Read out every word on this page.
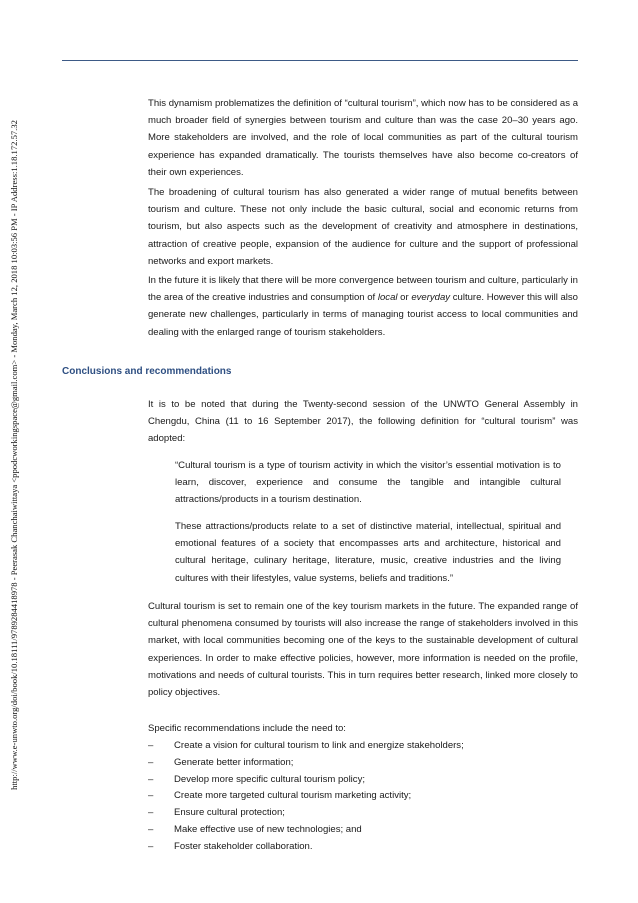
http://www.e-unwto.org/doi/book/10.18111/9789284418978 - Peerasak Chanchaiwittaya <ppodcworkingspace@gmail.com> - Monday, March 12, 2018 10:03:56 PM - IP Address:1.18.172.57.32

This dynamism problematizes the definition of “cultural tourism”, which now has to be considered as a much broader field of synergies between tourism and culture than was the case 20–30 years ago. More stakeholders are involved, and the role of local communities as part of the cultural tourism experience has expanded dramatically. The tourists themselves have also become co-creators of their own experiences.

The broadening of cultural tourism has also generated a wider range of mutual benefits between tourism and culture. These not only include the basic cultural, social and economic returns from tourism, but also aspects such as the development of creativity and atmosphere in destinations, attraction of creative people, expansion of the audience for culture and the support of professional networks and export markets.

In the future it is likely that there will be more convergence between tourism and culture, particularly in the area of the creative industries and consumption of local or everyday culture. However this will also generate new challenges, particularly in terms of managing tourist access to local communities and dealing with the enlarged range of tourism stakeholders.

Conclusions and recommendations

It is to be noted that during the Twenty-second session of the UNWTO General Assembly in Chengdu, China (11 to 16 September 2017), the following definition for “cultural tourism” was adopted:

“Cultural tourism is a type of tourism activity in which the visitor’s essential motivation is to learn, discover, experience and consume the tangible and intangible cultural attractions/products in a tourism destination.

These attractions/products relate to a set of distinctive material, intellectual, spiritual and emotional features of a society that encompasses arts and architecture, historical and cultural heritage, culinary heritage, literature, music, creative industries and the living cultures with their lifestyles, value systems, beliefs and traditions.”

Cultural tourism is set to remain one of the key tourism markets in the future. The expanded range of cultural phenomena consumed by tourists will also increase the range of stakeholders involved in this market, with local communities becoming one of the keys to the sustainable development of cultural experiences. In order to make effective policies, however, more information is needed on the profile, motivations and needs of cultural tourists. This in turn requires better research, linked more closely to policy objectives.

Specific recommendations include the need to:
– Create a vision for cultural tourism to link and energize stakeholders;
– Generate better information;
– Develop more specific cultural tourism policy;
– Create more targeted cultural tourism marketing activity;
– Ensure cultural protection;
– Make effective use of new technologies; and
– Foster stakeholder collaboration.
